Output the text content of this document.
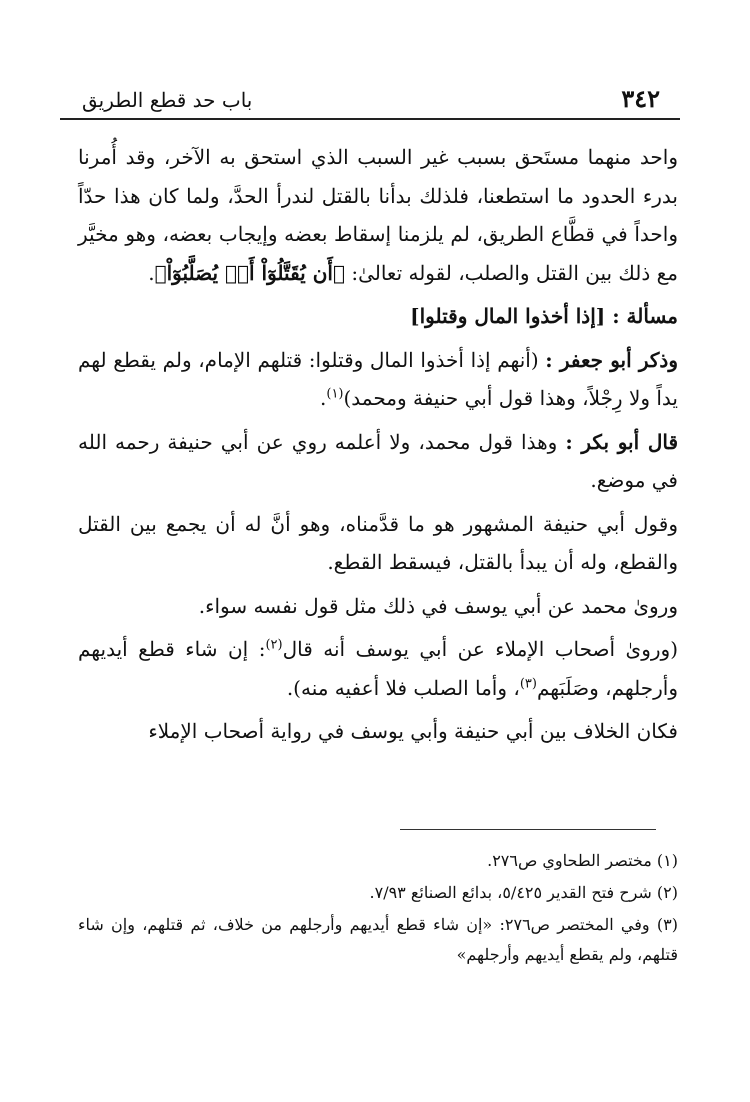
باب حد قطع الطريق	٣٤٢

واحد منهما مستَحق بسبب غير السبب الذي استحق به الآخر، وقد أُمرنا بدرء الحدود ما استطعنا، فلذلك بدأنا بالقتل لندرأ الحدَّ، ولما كان هذا حدّاً واحداً في قطَّاع الطريق، لم يلزمنا إسقاط بعضه وإيجاب بعضه، وهو مخيَّر مع ذلك بين القتل والصلب، لقوله تعالىٰ: ﴿أَن يُقَتَّلُوٓاْ أَوۡ يُصَلَّبُوٓاْ﴾.

مسألة : [إذا أخذوا المال وقتلوا]

وذكر أبو جعفر : (أنهم إذا أخذوا المال وقتلوا: قتلهم الإمام، ولم يقطع لهم يداً ولا رِجْلاً، وهذا قول أبي حنيفة ومحمد)$^{(١)}$.

قال أبو بكر : وهذا قول محمد، ولا أعلمه روي عن أبي حنيفة رحمه الله في موضع.

وقول أبي حنيفة المشهور هو ما قدَّمناه، وهو أنَّ له أن يجمع بين القتل والقطع، وله أن يبدأ بالقتل، فيسقط القطع.

وروىٰ محمد عن أبي يوسف في ذلك مثل قول نفسه سواء.

(وروىٰ أصحاب الإملاء عن أبي يوسف أنه قال$^{(٢)}$: إن شاء قطع أيديهم وأرجلهم، وصَلَبَهم$^{(٣)}$، وأما الصلب فلا أعفيه منه).

فكان الخلاف بين أبي حنيفة وأبي يوسف في رواية أصحاب الإملاء

(١) مختصر الطحاوي ص٢٧٦.

(٢) شرح فتح القدير ٥/٤٢٥، بدائع الصنائع ٧/٩٣.

(٣) وفي المختصر ص٢٧٦: «إن شاء قطع أيديهم وأرجلهم من خلاف، ثم قتلهم، وإن شاء قتلهم، ولم يقطع أيديهم وأرجلهم»
